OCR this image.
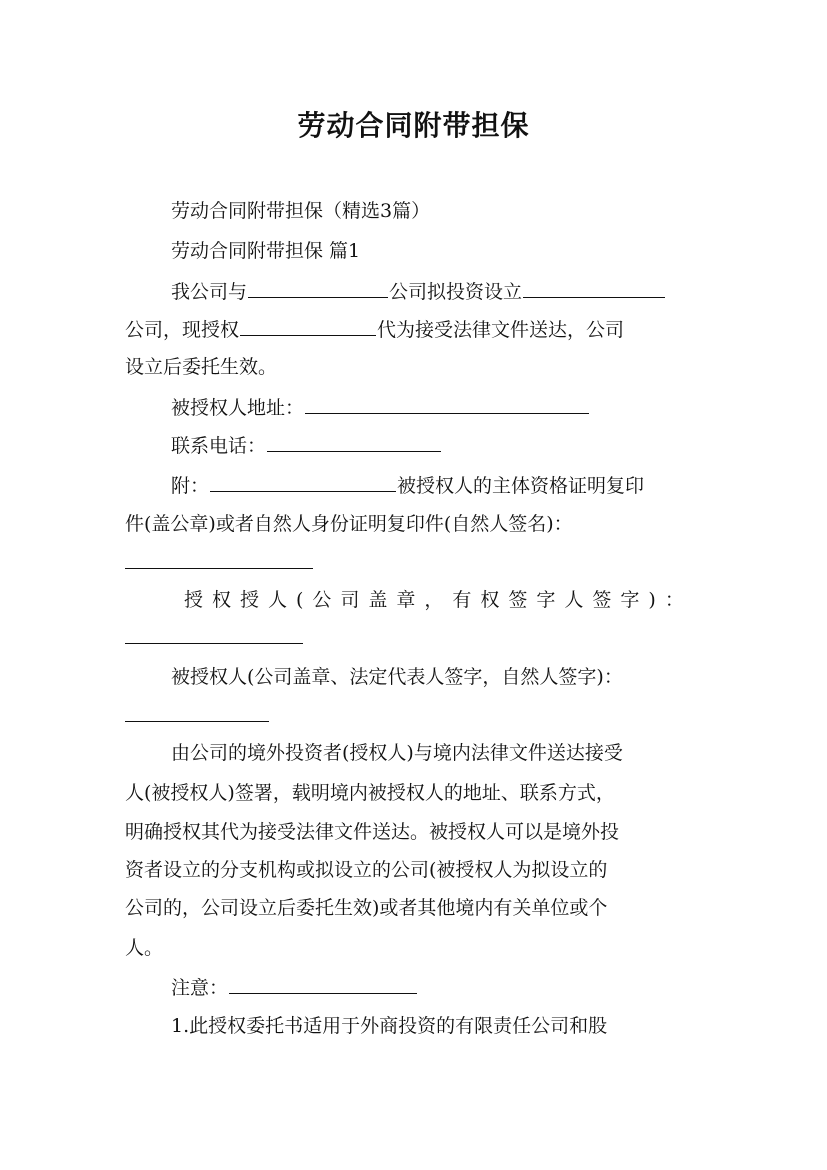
劳动合同附带担保
劳动合同附带担保（精选3篇）
劳动合同附带担保 篇1
我公司与	公司拟投资设立
公司，现授权	代为接受法律文件送达，公司
设立后委托生效。
被授权人地址：
联系电话：
附：	被授权人的主体资格证明复印
件(盖公章)或者自然人身份证明复印件(自然人签名)：
授权授人(公司盖章，有权签字人签字)：
被授权人(公司盖章、法定代表人签字，自然人签字)：
由公司的境外投资者(授权人)与境内法律文件送达接受
人(被授权人)签署，载明境内被授权人的地址、联系方式，
明确授权其代为接受法律文件送达。被授权人可以是境外投
资者设立的分支机构或拟设立的公司(被授权人为拟设立的
公司的，公司设立后委托生效)或者其他境内有关单位或个
人。
注意：
1.此授权委托书适用于外商投资的有限责任公司和股
